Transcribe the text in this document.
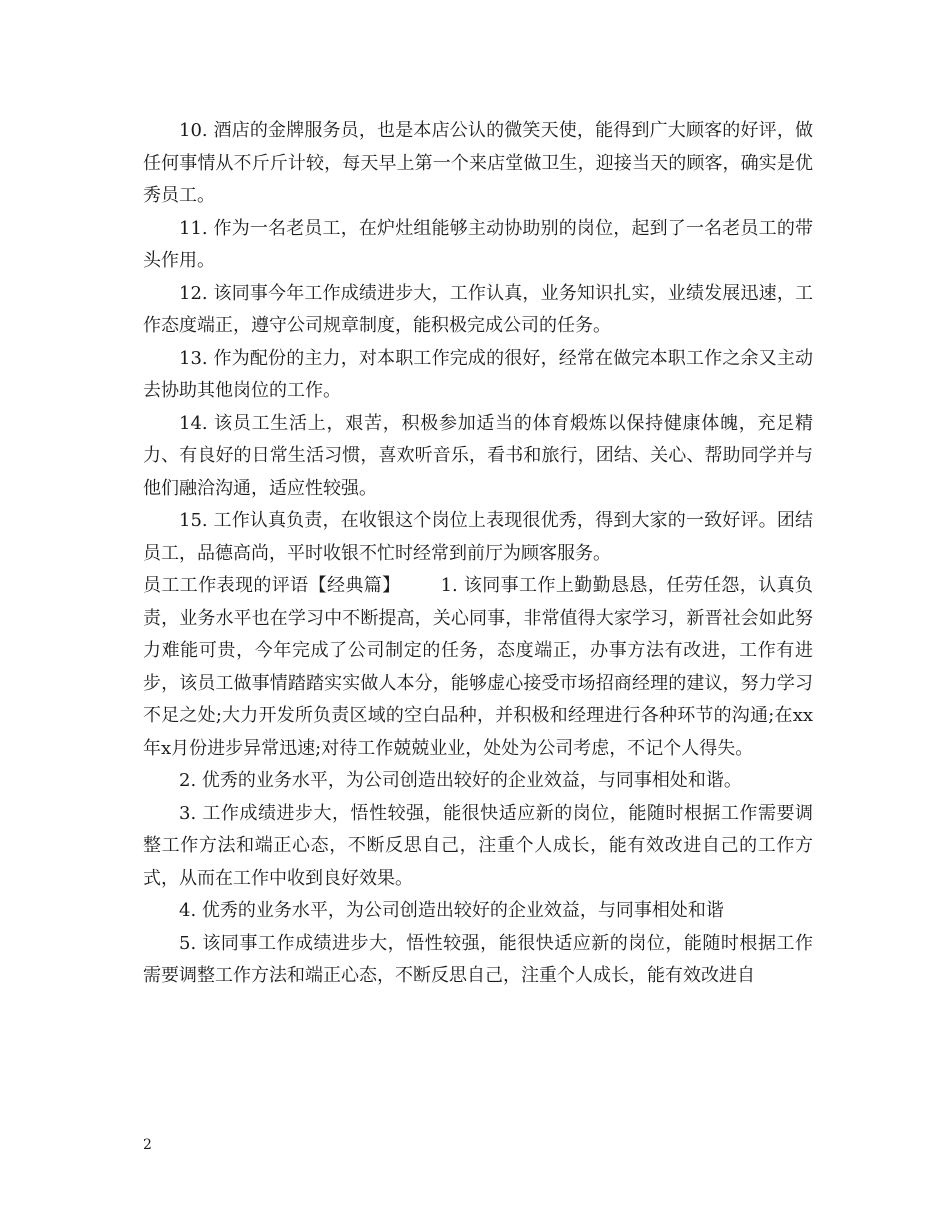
10. 酒店的金牌服务员，也是本店公认的微笑天使，能得到广大顾客的好评，做任何事情从不斤斤计较，每天早上第一个来店堂做卫生，迎接当天的顾客，确实是优秀员工。

11. 作为一名老员工，在炉灶组能够主动协助别的岗位，起到了一名老员工的带头作用。

12. 该同事今年工作成绩进步大，工作认真，业务知识扎实，业绩发展迅速，工作态度端正，遵守公司规章制度，能积极完成公司的任务。

13. 作为配份的主力，对本职工作完成的很好，经常在做完本职工作之余又主动去协助其他岗位的工作。

14. 该员工生活上，艰苦，积极参加适当的体育煅炼以保持健康体魄，充足精力、有良好的日常生活习惯，喜欢听音乐，看书和旅行，团结、关心、帮助同学并与他们融洽沟通，适应性较强。

15. 工作认真负责，在收银这个岗位上表现很优秀，得到大家的一致好评。团结员工，品德高尚，平时收银不忙时经常到前厅为顾客服务。

员工工作表现的评语【经典篇】 1. 该同事工作上勤勤恳恳，任劳任怨，认真负责，业务水平也在学习中不断提高，关心同事，非常值得大家学习，新晋社会如此努力难能可贵，今年完成了公司制定的任务，态度端正，办事方法有改进，工作有进步，该员工做事情踏踏实实做人本分，能够虚心接受市场招商经理的建议，努力学习不足之处;大力开发所负责区域的空白品种，并积极和经理进行各种环节的沟通;在xx年x月份进步异常迅速;对待工作兢兢业业，处处为公司考虑，不记个人得失。

2. 优秀的业务水平，为公司创造出较好的企业效益，与同事相处和谐。

3. 工作成绩进步大，悟性较强，能很快适应新的岗位，能随时根据工作需要调整工作方法和端正心态，不断反思自己，注重个人成长，能有效改进自己的工作方式，从而在工作中收到良好效果。

4. 优秀的业务水平，为公司创造出较好的企业效益，与同事相处和谐

5. 该同事工作成绩进步大，悟性较强，能很快适应新的岗位，能随时根据工作需要调整工作方法和端正心态，不断反思自己，注重个人成长，能有效改进自

2
